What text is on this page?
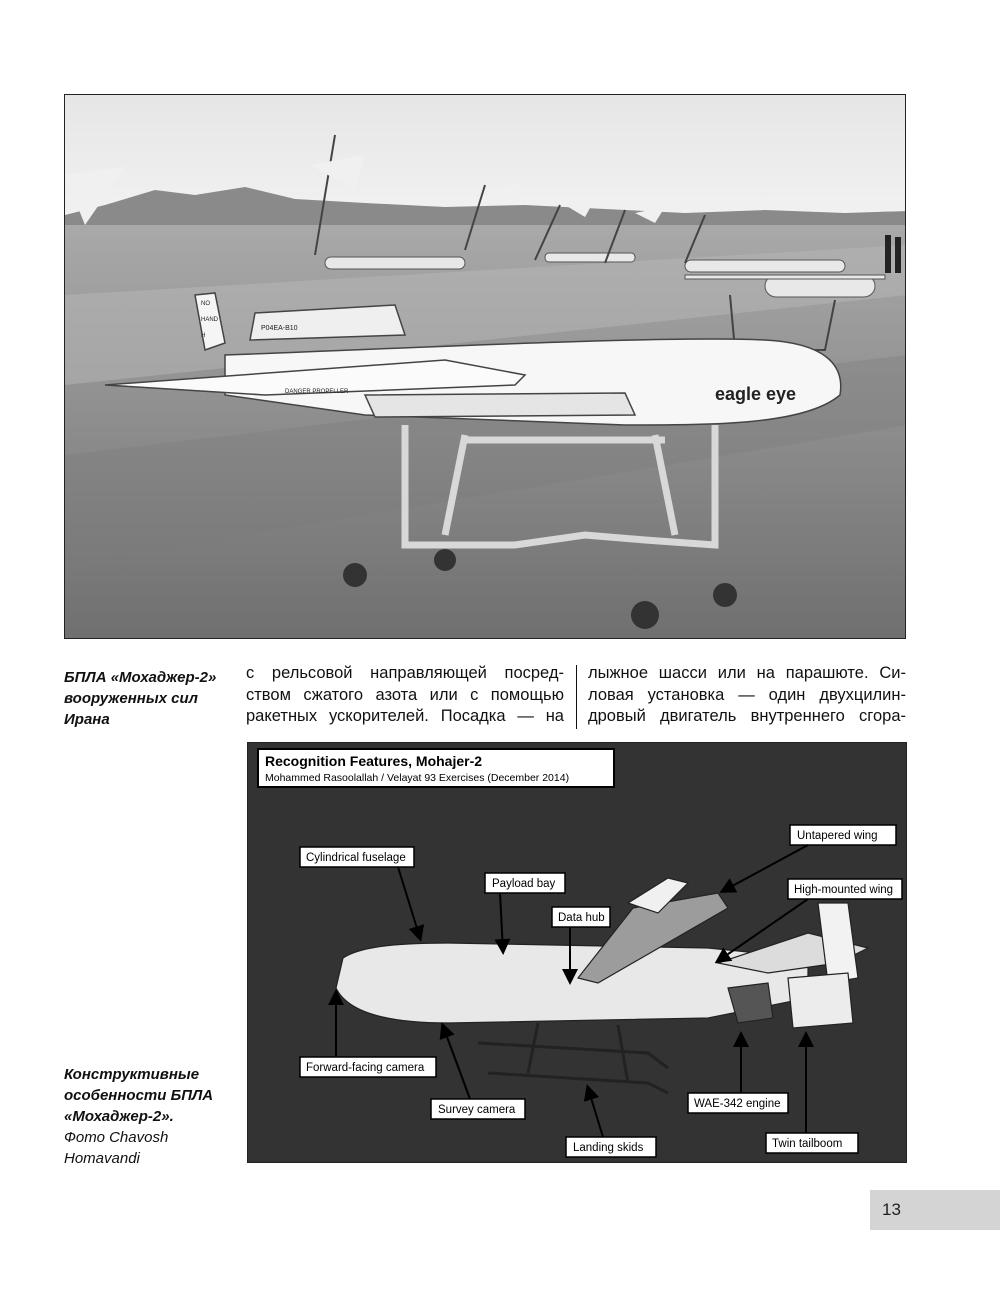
NO
HAND
H
P04EA-B10
DANGER PROPELLER	eagle eye
БПЛА «Мохаджер-2»
вооруженных сил
Ирана
с рельсовой направляющей посред-
ством сжатого азота или с помощью
ракетных ускорителей. Посадка — на
лыжное шасси или на парашюте. Си-
ловая установка — один двухцилин-
дровый двигатель внутреннего сгора-
Recognition Features, Mohajer-2
Mohammed Rasoolallah / Velayat 93 Exercises (December 2014)
Cylindrical fuselage
Payload bay
Data hub
Untapered wing
High-mounted wing
Forward-facing camera
Survey camera
Landing skids
WAE-342 engine
Twin tailboom
Конструктивные
особенности БПЛА
«Мохаджер-2».
Фото Chavosh
Homavandi
13
